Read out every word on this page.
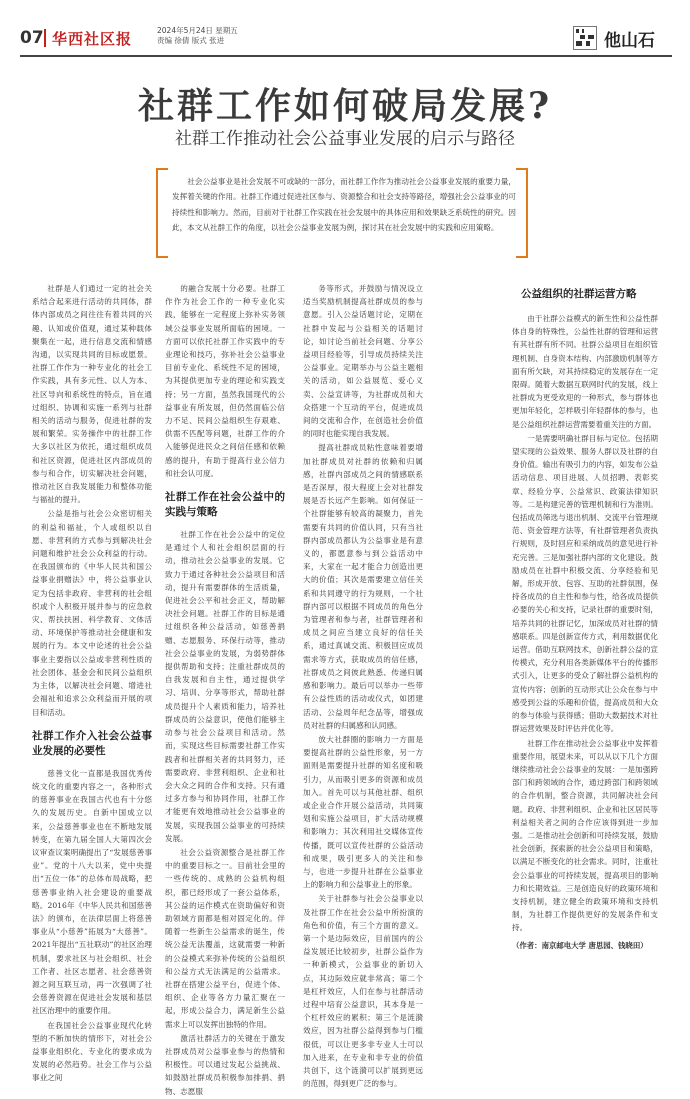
07 华西社区报	2024年5月24日 星期五
责编 徐倩 版式 张进	他山石
社群工作如何破局发展?
社群工作推动社会公益事业发展的启示与路径

社会公益事业是社会发展不可或缺的一部分，而社群工作作为推动社会公益事业发展的重要力量，发挥着关键的作用。社群工作通过促进社区参与、资源整合和社会支持等路径，增强社会公益事业的可持续性和影响力。然而，目前对于社群工作实践在社会发展中的具体应用和效果缺乏系统性的研究。因此，本文从社群工作的角度，以社会公益事业发展为例，探讨其在社会发展中的实践和应用策略。

社群是人们通过一定的社会关系结合起来进行活动的共同体，群体内部成员之间往往有着共同的兴趣、认知或价值观，通过某种载体聚集在一起，进行信息交流和情感沟通，以实现共同的目标或愿景。社群工作作为一种专业化的社会工作实践，具有多元性、以人为本、社区导向和系统性的特点，旨在通过组织、协调和实施一系列与社群相关的活动与服务，促进社群的发展和繁荣。实务操作中的社群工作大多以社区为依托，通过组织成员和社区资源，促进社区内部成员的参与和合作，切实解决社会问题，推动社区自我发展能力和整体功能与福祉的提升。

公益是指与社会公众密切相关的利益和福祉，个人或组织以自愿、非营利的方式参与到解决社会问题和维护社会公众利益的行动。在我国颁布的《中华人民共和国公益事业捐赠法》中，将公益事业认定为包括非政府、非营利的社会组织或个人积极开展并参与的应急救灾、帮扶扶困、科学教育、文体活动、环境保护等推动社会健康和发展的行为。本文中论述的社会公益事业主要指以公益或非营利性质的社会团体、基金会和民间公益组织为主体，以解决社会问题、增进社会福祉和追求公众利益而开展的项目和活动。

社群工作介入社会公益事业发展的必要性

慈善文化一直都是我国优秀传统文化的重要内容之一，各种形式的慈善事业在我国古代也有十分悠久的发展历史。自新中国成立以来，公益慈善事业也在不断地发展转变，在第九届全国人大第四次会议审查议案明确提出了“发展慈善事业”。党的十八大以来，党中央提出“五位一体”的总体布局战略，把慈善事业纳入社会建设的重要战略。2016年《中华人民共和国慈善法》的颁布，在法律层面上将慈善事业从“小慈善”拓展为“大慈善”。2021年提出“五社联动”的社区治理机制，要求社区与社会组织、社会工作者、社区志愿者、社会慈善资源之间互联互动，再一次强调了社会慈善资源在促进社会发展和基层社区治理中的重要作用。

在我国社会公益事业现代化转型的不断加快的情形下，对社会公益事业组织化、专业化的要求成为发展的必然趋势。社会工作与公益事业之间

的融合发展十分必要。社群工作作为社会工作的一种专业化实践，能够在一定程度上弥补实务领域公益事业发展所面临的困境。一方面可以依托社群工作实践中的专业理论和技巧，弥补社会公益事业目前专业化、系统性不足的困境，为其提供更加专业的理论和实践支持；另一方面，虽然我国现代的公益事业有所发展，但仍然面临公信力不足、民间公益组织生存艰难、供需不匹配等问题，社群工作的介入能够促进民众之间信任感和依赖感的提升，有助于提高行业公信力和社会认可度。

社群工作在社会公益中的实践与策略

社群工作在社会公益中的定位是通过个人和社会组织层面的行动，推动社会公益事业的发展。它致力于通过各种社会公益项目和活动，提升有需要群体的生活质量，促进社会公平和社会正义，帮助解决社会问题。社群工作的目标是通过组织各种公益活动，如慈善捐赠、志愿服务、环保行动等，推动社会公益事业的发展，为弱势群体提供帮助和支持；注重社群成员的自我发展和自主性，通过提供学习、培训、分享等形式，帮助社群成员提升个人素质和能力，培养社群成员的公益意识，使他们能够主动参与社会公益项目和活动。然而，实现这些目标需要社群工作实践者和社群相关者的共同努力，还需要政府、非营利组织、企业和社会大众之间的合作和支持。只有通过多方参与和协同作用，社群工作才能更有效地推动社会公益事业的发展，实现我国公益事业的可持续发展。

社会公益资源整合是社群工作中的重要目标之一。目前社会里的一些传统的、成熟的公益机构组织，都已经形成了一套公益体系，其公益的运作模式在资助偏好和资助领域方面都是相对固定化的。伴随着一些新生公益需求的诞生，传统公益无法覆盖，这就需要一种新的公益模式来弥补传统的公益组织和公益方式无法满足的公益需求。社群在搭建公益平台，促进个体、组织、企业等各方力量汇聚在一起，形成公益合力，满足新生公益需求上可以发挥出独特的作用。

激活社群活力的关键在于激发社群成员对公益事业参与的热情和积极性。可以通过发起公益挑战、如鼓励社群成员积极参加排捐、捐物、志愿服

务等形式，并鼓励与情况设立适当奖励机制提高社群成员的参与意愿。引入公益话题讨论，定期在社群中发起与公益相关的话题讨论，如讨论当前社会问题、分享公益项目经验等，引导成员持续关注公益事业。定期举办与公益主题相关的活动，如公益展览、爱心义卖、公益宣讲等，为社群成员和大众搭建一个互动的平台，促进成员间的交流和合作，在创造社会价值的同时也能实现自我发展。

提高社群成员粘性意味着要增加社群成员对社群的依赖和归属感，社群内部成员之间的情感联系是否深厚，很大程度上会对社群发展是否长远产生影响。如何保证一个社群能够有较高的凝聚力，首先需要有共同的价值认同，只有当社群内部成员都认为公益事业是有意义的，都愿意参与到公益活动中来，大家在一起才能合力创造出更大的价值；其次是需要建立信任关系和共同遵守的行为规则，一个社群内部可以根据不同成员的角色分为管理者和参与者，社群管理者和成员之间应当建立良好的信任关系，通过真诚交流、积极回应成员需求等方式，获取成员的信任感，社群成员之间彼此熟悉、传递归属感和影响力。最后可以举办一些带有公益性质的活动或仪式，如团建活动、公益周年纪念品等，增强成员对社群的归属感和认同感。

放大社群圈的影响力一方面是要提高社群的公益性形象，另一方面则是需要提升社群的知名度和吸引力，从而吸引更多的资源和成员加入。首先可以与其他社群、组织或企业合作开展公益活动，共同策划和实施公益项目，扩大活动规模和影响力；其次利用社交媒体宣传传播，既可以宣传社群的公益活动和成果，吸引更多人的关注和参与，也进一步提升社群在公益事业上的影响力和公益事业上的形象。

关于社群参与社会公益事业以及社群工作在社会公益中所扮演的角色和价值，有三个方面的意义。第一个是边际效应，目前国内的公益发展还比较初步，社群公益作为一种新模式，公益事业的新切入点，其边际效应就非常高；第二个是杠杆效应，人们在参与社群活动过程中培育公益意识，其本身是一个杠杆效应的累积；第三个是涟漪效应，因为社群公益得到参与门槛很低，可以让更多非专业人士可以加入进来，在专业和非专业的价值共创下，这个涟漪可以扩展到更远的范围，得到更广泛的参与。

公益组织的社群运营方略

由于社群公益模式的新生性和公益性群体自身的特殊性，公益性社群的管理和运营有其社群有所不同。社群公益项目在组织管理机制、自身资本结构、内部激励机制等方面有所欠缺，对其持续稳定的发展存在一定限碍。随着大数据互联网时代的发展，线上社群成为更受欢迎的一种形式，参与群体也更加年轻化，怎样吸引年轻群体的参与，也是公益组织社群运营需要着重关注的方面。

一是需要明确社群目标与定位。包括期望实现的公益效果、服务人群以及社群的自身价值。输出有吸引力的内容，如发布公益活动信息、项目进展、人员招聘、表彰奖章、经验分享、公益常识、政策法律知识等。二是构建完善的管理机制和行为准则。包括成员筛选与退出机制、交流平台管理规范、资金管理方法等，有社群管理者负责执行规则，及时回应和采纳成员的意见进行补充完善。三是加强社群内部的文化建设。鼓励成员在社群中积极交流、分享经验和见解，形成开放、包容、互助的社群氛围，保持各成员的自主性和参与性，给各成员提供必要的关心和支持，记录社群的重要时刻，培养共同的社群记忆，加深成员对社群的情感联系。四是创新宣传方式，利用数据优化运营。借助互联网技术，创新社群公益的宣传模式，充分利用各类新媒体平台的传播形式引入，让更多的受众了解社群公益机构的宣传内容；创新的互动形式让公众在参与中感受到公益的乐趣和价值，提高成员和大众的参与体验与获得感；借助大数据技术对社群运营效果及时评估并优化等。

社群工作在推动社会公益事业中发挥着重要作用，展望未来，可以从以下几个方面继续推动社会公益事业的发展：一是加强跨部门和跨领域的合作，通过跨部门和跨领域的合作机制，整合资源，共同解决社会问题。政府、非营利组织、企业和社区居民等利益相关者之间的合作应该得到进一步加强。二是推动社会创新和可持续发展，鼓励社会创新，探索新的社会公益项目和策略，以满足不断变化的社会需求。同时，注重社会公益事业的可持续发展，提高项目的影响力和长期效益。三是创造良好的政策环境和支持机制，建立健全的政策环境和支持机制，为社群工作提供更好的发展条件和支持。

（作者：南京邮电大学 唐思园、钱晓田）
